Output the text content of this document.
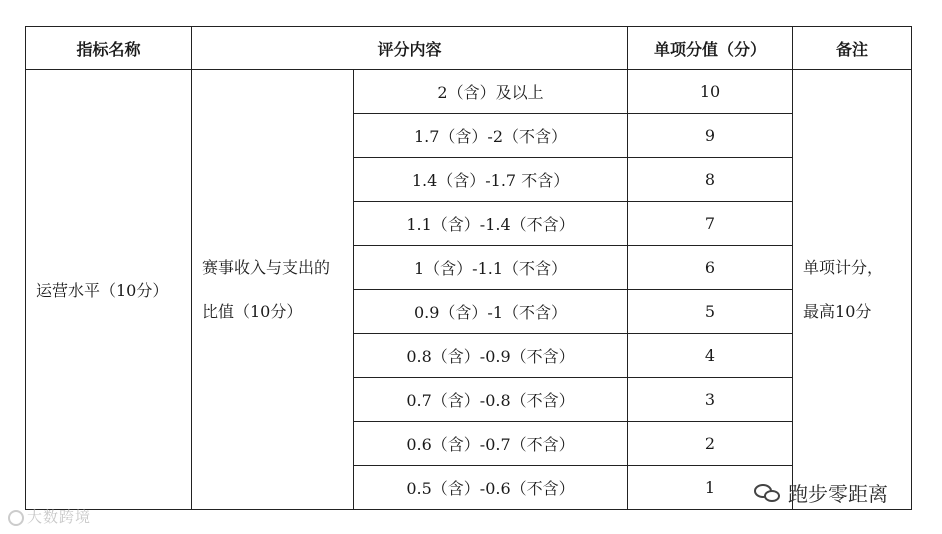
指标名称	评分内容		单项分值（分）	备注
运营水平（10分）	赛事收入与支出的比值（10分）	2（含）及以上	10	单项计分，
最高10分

		1.7（含）-2（不含）	9	
		1.4（含）-1.7 不含）	8	
		1.1（含）-1.4（不含）	7	
		1（含）-1.1（不含）	6	
		0.9（含）-1（不含）	5	
		0.8（含）-0.9（不含）	4	
		0.7（含）-0.8（不含）	3	
		0.6（含）-0.7（不含）	2	
		0.5（含）-0.6（不含）	1	
大数跨境
跑步零距离
